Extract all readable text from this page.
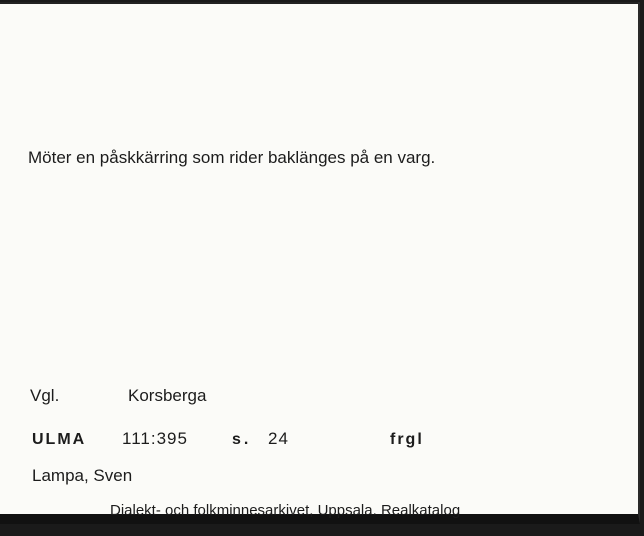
Möter en påskkärring som rider baklänges på en varg.
Vgl.	Korsberga
ULMA 111:395	s. 24	frgl
Lampa, Sven
Dialekt- och folkminnesarkivet, Uppsala. Realkatalog
